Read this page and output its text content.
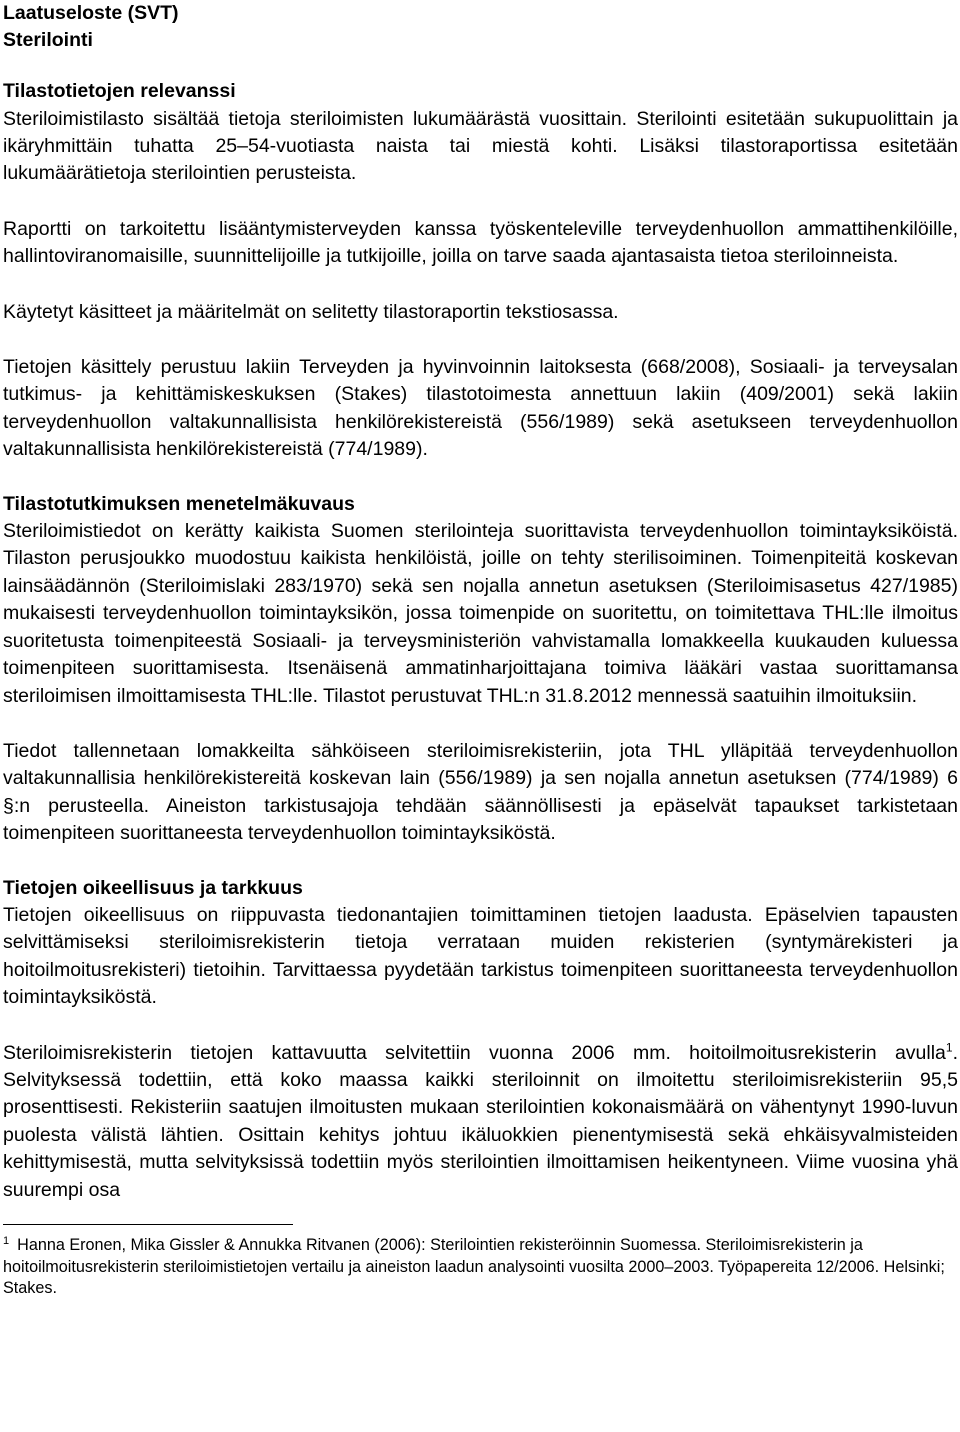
Laatuseloste (SVT)
Sterilointi
Tilastotietojen relevanssi

Steriloimistilasto sisältää tietoja steriloimisten lukumäärästä vuosittain. Sterilointi esitetään sukupuolittain ja ikäryhmittäin tuhatta 25–54-vuotiasta naista tai miestä kohti. Lisäksi tilastoraportissa esitetään lukumäärätietoja sterilointien perusteista.

Raportti on tarkoitettu lisääntymisterveyden kanssa työskenteleville terveydenhuollon ammattihenkilöille, hallintoviranomaisille, suunnittelijoille ja tutkijoille, joilla on tarve saada ajantasaista tietoa steriloinneista.

Käytetyt käsitteet ja määritelmät on selitetty tilastoraportin tekstiosassa.

Tietojen käsittely perustuu lakiin Terveyden ja hyvinvoinnin laitoksesta (668/2008), Sosiaali- ja terveysalan tutkimus- ja kehittämiskeskuksen (Stakes) tilastotoimesta annettuun lakiin (409/2001) sekä lakiin terveydenhuollon valtakunnallisista henkilörekistereistä (556/1989) sekä asetukseen terveydenhuollon valtakunnallisista henkilörekistereistä (774/1989).

Tilastotutkimuksen menetelmäkuvaus

Steriloimistiedot on kerätty kaikista Suomen sterilointeja suorittavista terveydenhuollon toimintayksiköistä. Tilaston perusjoukko muodostuu kaikista henkilöistä, joille on tehty sterilisoiminen. Toimenpiteitä koskevan lainsäädännön (Steriloimislaki 283/1970) sekä sen nojalla annetun asetuksen (Steriloimisasetus 427/1985) mukaisesti terveydenhuollon toimintayksikön, jossa toimenpide on suoritettu, on toimitettava THL:lle ilmoitus suoritetusta toimenpiteestä Sosiaali- ja terveysministeriön vahvistamalla lomakkeella kuukauden kuluessa toimenpiteen suorittamisesta. Itsenäisenä ammatinharjoittajana toimiva lääkäri vastaa suorittamansa steriloimisen ilmoittamisesta THL:lle. Tilastot perustuvat THL:n 31.8.2012 mennessä saatuihin ilmoituksiin.

Tiedot tallennetaan lomakkeilta sähköiseen steriloimisrekisteriin, jota THL ylläpitää terveydenhuollon valtakunnallisia henkilörekistereitä koskevan lain (556/1989) ja sen nojalla annetun asetuksen (774/1989) 6 §:n perusteella. Aineiston tarkistusajoja tehdään säännöllisesti ja epäselvät tapaukset tarkistetaan toimenpiteen suorittaneesta terveydenhuollon toimintayksiköstä.

Tietojen oikeellisuus ja tarkkuus

Tietojen oikeellisuus on riippuvasta tiedonantajien toimittaminen tietojen laadusta. Epäselvien tapausten selvittämiseksi steriloimisrekisterin tietoja verrataan muiden rekisterien (syntymärekisteri ja hoitoilmoitusrekisteri) tietoihin. Tarvittaessa pyydetään tarkistus toimenpiteen suorittaneesta terveydenhuollon toimintayksiköstä.

Steriloimisrekisterin tietojen kattavuutta selvitettiin vuonna 2006 mm. hoitoilmoitusrekisterin avulla$^1$. Selvityksessä todettiin, että koko maassa kaikki steriloinnit on ilmoitettu steriloimisrekisteriin 95,5 prosenttisesti. Rekisteriin saatujen ilmoitusten mukaan sterilointien kokonaismäärä on vähentynyt 1990-luvun puolesta välistä lähtien. Osittain kehitys johtuu ikäluokkien pienentymisestä sekä ehkäisyvalmisteiden kehittymisestä, mutta selvityksissä todettiin myös sterilointien ilmoittamisen heikentyneen. Viime vuosina yhä suurempi osa

$^1$ Hanna Eronen, Mika Gissler & Annukka Ritvanen (2006): Sterilointien rekisteröinnin Suomessa. Steriloimisrekisterin ja hoitoilmoitusrekisterin steriloimistietojen vertailu ja aineiston laadun analysointi vuosilta 2000–2003. Työpapereita 12/2006. Helsinki; Stakes.
